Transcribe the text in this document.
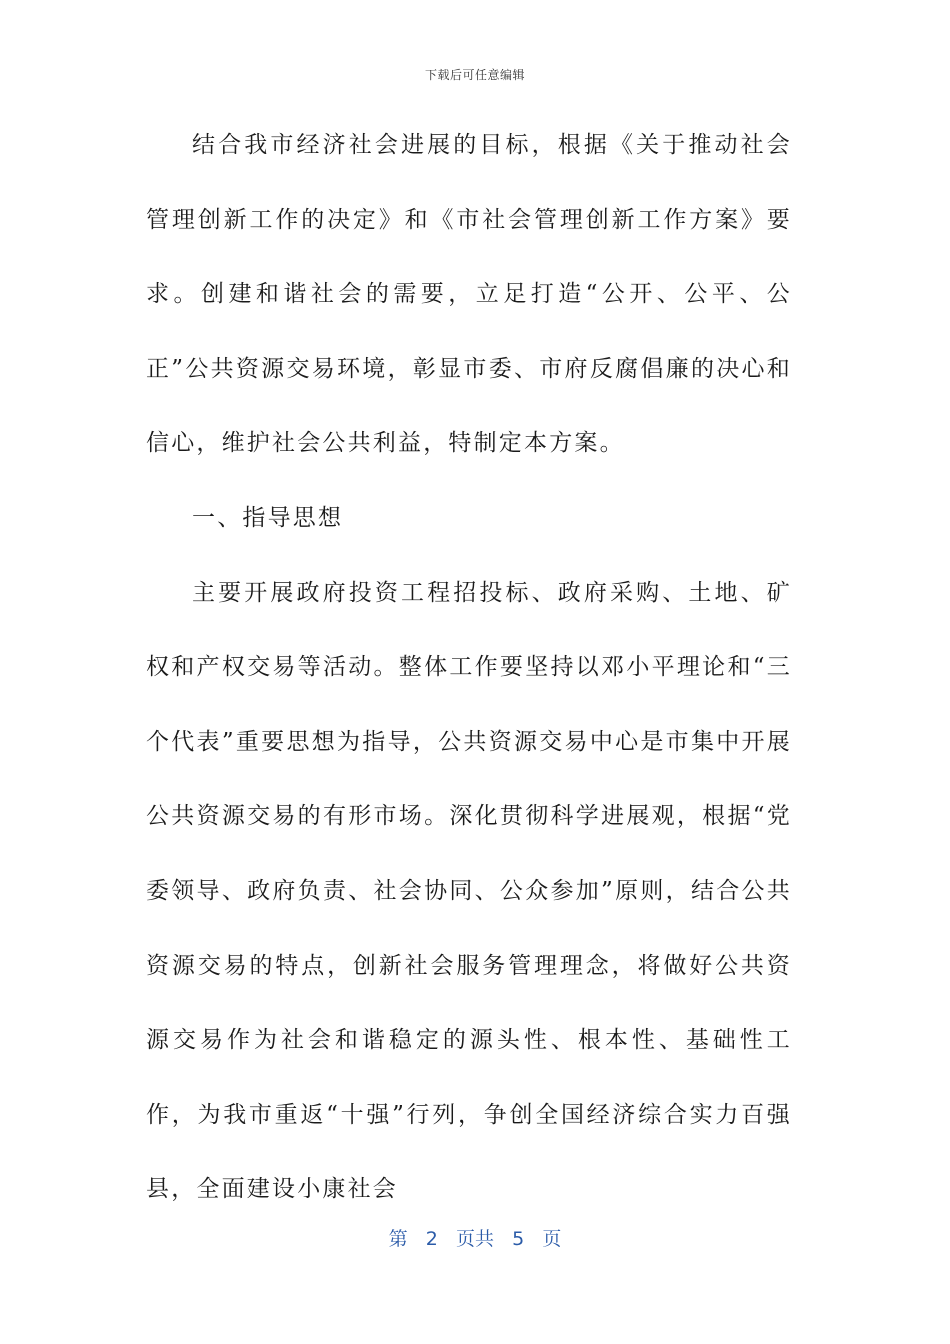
下载后可任意编辑

结合我市经济社会进展的目标，根据《关于推动社会管理创新工作的决定》和《市社会管理创新工作方案》要求。创建和谐社会的需要，立足打造“公开、公平、公正”公共资源交易环境，彰显市委、市府反腐倡廉的决心和信心，维护社会公共利益，特制定本方案。

一、指导思想

主要开展政府投资工程招投标、政府采购、土地、矿权和产权交易等活动。整体工作要坚持以邓小平理论和“三个代表”重要思想为指导，公共资源交易中心是市集中开展公共资源交易的有形市场。深化贯彻科学进展观，根据“党委领导、政府负责、社会协同、公众参加”原则，结合公共资源交易的特点，创新社会服务管理理念，将做好公共资源交易作为社会和谐稳定的源头性、根本性、基础性工作，为我市重返“十强”行列，争创全国经济综合实力百强县，全面建设小康社会

第 2 页共 5 页
